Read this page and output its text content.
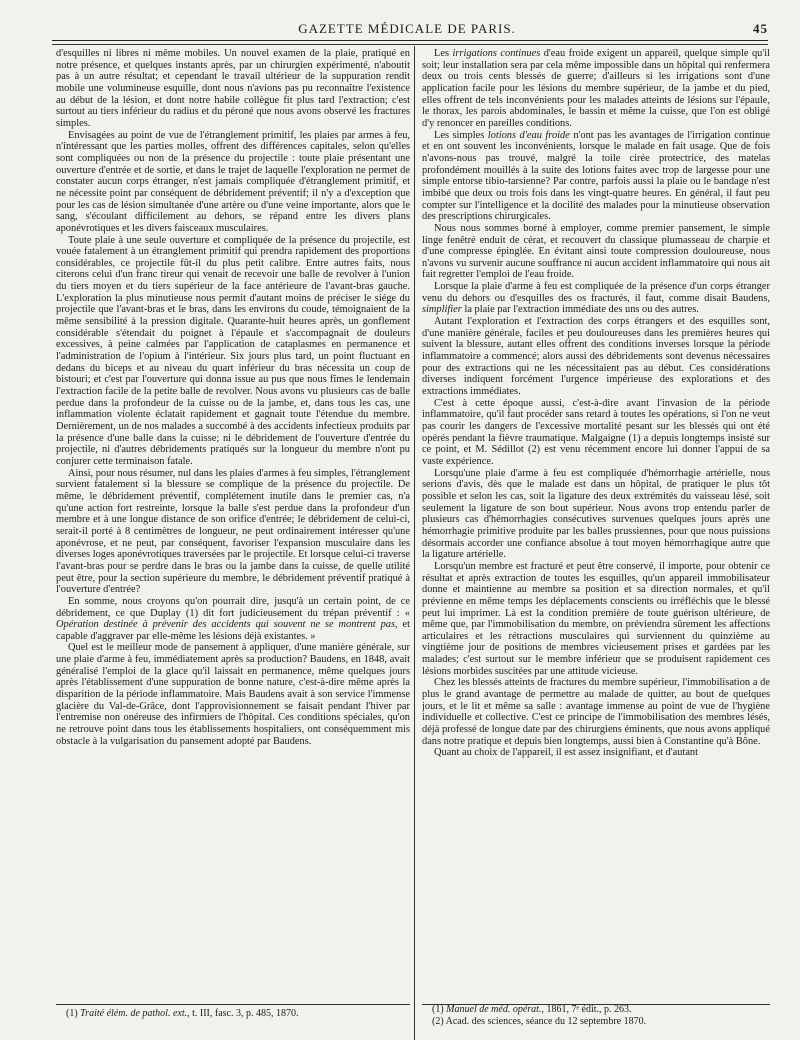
GAZETTE MÉDICALE DE PARIS.	45

d'esquilles ni libres ni même mobiles. Un nouvel examen de la plaie, pratiqué en notre présence, et quelques instants après, par un chirurgien expérimenté, n'aboutit pas à un autre résultat; et cependant le travail ultérieur de la suppuration rendit mobile une volumineuse esquille, dont nous n'avions pas pu reconnaître l'existence au début de la lésion, et dont notre habile collègue fit plus tard l'extraction; c'est surtout au tiers inférieur du radius et du péroné que nous avons observé les fractures simples.

Envisagées au point de vue de l'étranglement primitif, les plaies par armes à feu, n'intéressant que les parties molles, offrent des différences capitales, selon qu'elles sont compliquées ou non de la présence du projectile : toute plaie présentant une ouverture d'entrée et de sortie, et dans le trajet de laquelle l'exploration ne permet de constater aucun corps étranger, n'est jamais compliquée d'étranglement primitif, et ne nécessite point par conséquent de débridement préventif; il n'y a d'exception que pour les cas de lésion simultanée d'une artère ou d'une veine importante, alors que le sang, s'écoulant difficilement au dehors, se répand entre les divers plans aponévrotiques et les divers faisceaux musculaires.

Toute plaie à une seule ouverture et compliquée de la présence du projectile, est vouée fatalement à un étranglement primitif qui prendra rapidement des proportions considérables, ce projectile fût-il du plus petit calibre. Entre autres faits, nous citerons celui d'un franc tireur qui venait de recevoir une balle de revolver à l'union du tiers moyen et du tiers supérieur de la face antérieure de l'avant-bras gauche. L'exploration la plus minutieuse nous permit d'autant moins de préciser le siége du projectile que l'avant-bras et le bras, dans les environs du coude, témoignaient de la même sensibilité à la pression digitale. Quarante-huit heures après, un gonflement considérable s'étendait du poignet à l'épaule et s'accompagnait de douleurs excessives, à peine calmées par l'application de cataplasmes en permanence et l'administration de l'opium à l'intérieur. Six jours plus tard, un point fluctuant en dedans du biceps et au niveau du quart inférieur du bras nécessita un coup de bistouri; et c'est par l'ouverture qui donna issue au pus que nous fîmes le lendemain l'extraction facile de la petite balle de revolver. Nous avons vu plusieurs cas de balle perdue dans la profondeur de la cuisse ou de la jambe, et, dans tous les cas, une inflammation violente éclatait rapidement et gagnait toute l'étendue du membre. Dernièrement, un de nos malades a succombé à des accidents infectieux produits par la présence d'une balle dans la cuisse; ni le débridement de l'ouverture d'entrée du projectile, ni d'autres débridements pratiqués sur la longueur du membre n'ont pu conjurer cette terminaison fatale.

Ainsi, pour nous résumer, nul dans les plaies d'armes à feu simples, l'étranglement survient fatalement si la blessure se complique de la présence du projectile. De même, le débridement préventif, complétement inutile dans le premier cas, n'a qu'une action fort restreinte, lorsque la balle s'est perdue dans la profondeur d'un membre et à une longue distance de son orifice d'entrée; le débridement de celui-ci, serait-il porté à 8 centimètres de longueur, ne peut ordinairement intéresser qu'une aponévrose, et ne peut, par conséquent, favoriser l'expansion musculaire dans les diverses loges aponévrotiques traversées par le projectile. Et lorsque celui-ci traverse l'avant-bras pour se perdre dans le bras ou la jambe dans la cuisse, de quelle utilité peut être, pour la section supérieure du membre, le débridement préventif pratiqué à l'ouverture d'entrée?

En somme, nous croyons qu'on pourrait dire, jusqu'à un certain point, de ce débridement, ce que Duplay (1) dit fort judicieusement du trépan préventif : « Opération destinée à prévenir des accidents qui souvent ne se montrent pas, et capable d'aggraver par elle-même les lésions déjà existantes. »

Quel est le meilleur mode de pansement à appliquer, d'une manière générale, sur une plaie d'arme à feu, immédiatement après sa production? Baudens, en 1848, avait généralisé l'emploi de la glace qu'il laissait en permanence, même quelques jours après l'établissement d'une suppuration de bonne nature, c'est-à-dire même après la disparition de la période inflammatoire. Mais Baudens avait à son service l'immense glacière du Val-de-Grâce, dont l'approvisionnement se faisait pendant l'hiver par l'entremise non onéreuse des infirmiers de l'hôpital. Ces conditions spéciales, qu'on ne retrouve point dans tous les établissements hospitaliers, ont conséquemment mis obstacle à la vulgarisation du pansement adopté par Baudens.

Les irrigations continues d'eau froide exigent un appareil, quelque simple qu'il soit; leur installation sera par cela même impossible dans un hôpital qui renfermera deux ou trois cents blessés de guerre; d'ailleurs si les irrigations sont d'une application facile pour les lésions du membre supérieur, de la jambe et du pied, elles offrent de tels inconvénients pour les malades atteints de lésions sur l'épaule, le thorax, les parois abdominales, le bassin et même la cuisse, que l'on est obligé d'y renoncer en pareilles conditions.

Les simples lotions d'eau froide n'ont pas les avantages de l'irrigation continue et en ont souvent les inconvénients, lorsque le malade en fait usage. Que de fois n'avons-nous pas trouvé, malgré la toile cirée protectrice, des matelas profondément mouillés à la suite des lotions faites avec trop de largesse pour une simple entorse tibio-tarsienne? Par contre, parfois aussi la plaie ou le bandage n'est imbibé que deux ou trois fois dans les vingt-quatre heures. En général, il faut peu compter sur l'intelligence et la docilité des malades pour la minutieuse observation des prescriptions chirurgicales.

Nous nous sommes borné à employer, comme premier pansement, le simple linge fenêtré enduit de cérat, et recouvert du classique plumasseau de charpie et d'une compresse épinglée. En évitant ainsi toute compression douloureuse, nous n'avons vu survenir aucune souffrance ni aucun accident inflammatoire qui nous ait fait regretter l'emploi de l'eau froide.

Lorsque la plaie d'arme à feu est compliquée de la présence d'un corps étranger venu du dehors ou d'esquilles des os fracturés, il faut, comme disait Baudens, simplifier la plaie par l'extraction immédiate des uns ou des autres.

Autant l'exploration et l'extraction des corps étrangers et des esquilles sont, d'une manière générale, faciles et peu douloureuses dans les premières heures qui suivent la blessure, autant elles offrent des conditions inverses lorsque la période inflammatoire a commencé; alors aussi des débridements sont devenus nécessaires pour des extractions qui ne les nécessitaient pas au début. Ces considérations diverses indiquent forcément l'urgence impérieuse des explorations et des extractions immédiates.

C'est à cette époque aussi, c'est-à-dire avant l'invasion de la période inflammatoire, qu'il faut procéder sans retard à toutes les opérations, si l'on ne veut pas courir les dangers de l'excessive mortalité pesant sur les blessés qui ont été opérés pendant la fièvre traumatique. Malgaigne (1) a depuis longtemps insisté sur ce point, et M. Sédillot (2) est venu récemment encore lui donner l'appui de sa vaste expérience.

Lorsqu'une plaie d'arme à feu est compliquée d'hémorrhagie artérielle, nous serions d'avis, dès que le malade est dans un hôpital, de pratiquer le plus tôt possible et selon les cas, soit la ligature des deux extrémités du vaisseau lésé, soit seulement la ligature de son bout supérieur. Nous avons trop entendu parler de plusieurs cas d'hémorrhagies consécutives survenues quelques jours après une hémorrhagie primitive produite par les balles prussiennes, pour que nous puissions désormais accorder une confiance absolue à tout moyen hémorrhagique autre que la ligature artérielle.

Lorsqu'un membre est fracturé et peut être conservé, il importe, pour obtenir ce résultat et après extraction de toutes les esquilles, qu'un appareil immobilisateur donne et maintienne au membre sa position et sa direction normales, et qu'il prévienne en même temps les déplacements conscients ou irréfléchis que le blessé peut lui imprimer. Là est la condition première de toute guérison ultérieure, de même que, par l'immobilisation du membre, on préviendra sûrement les affections articulaires et les rétractions musculaires qui surviennent du quinzième au vingtième jour de positions de membres vicieusement prises et gardées par les malades; c'est surtout sur le membre inférieur que se produisent rapidement ces lésions morbides suscitées par une attitude vicieuse.

Chez les blessés atteints de fractures du membre supérieur, l'immobilisation a de plus le grand avantage de permettre au malade de quitter, au bout de quelques jours, et le lit et même sa salle : avantage immense au point de vue de l'hygiène individuelle et collective. C'est ce principe de l'immobilisation des membres lésés, déjà professé de longue date par des chirurgiens éminents, que nous avons appliqué dans notre pratique et depuis bien longtemps, aussi bien à Constantine qu'à Bône.

Quant au choix de l'appareil, il est assez insignifiant, et d'autant

(1) Traité élém. de pathol. ext., t. III, fasc. 3, p. 485, 1870.	(1) Manuel de méd. opérat., 1861, 7ᵉ édit., p. 263.

(2) Acad. des sciences, séance du 12 septembre 1870.
